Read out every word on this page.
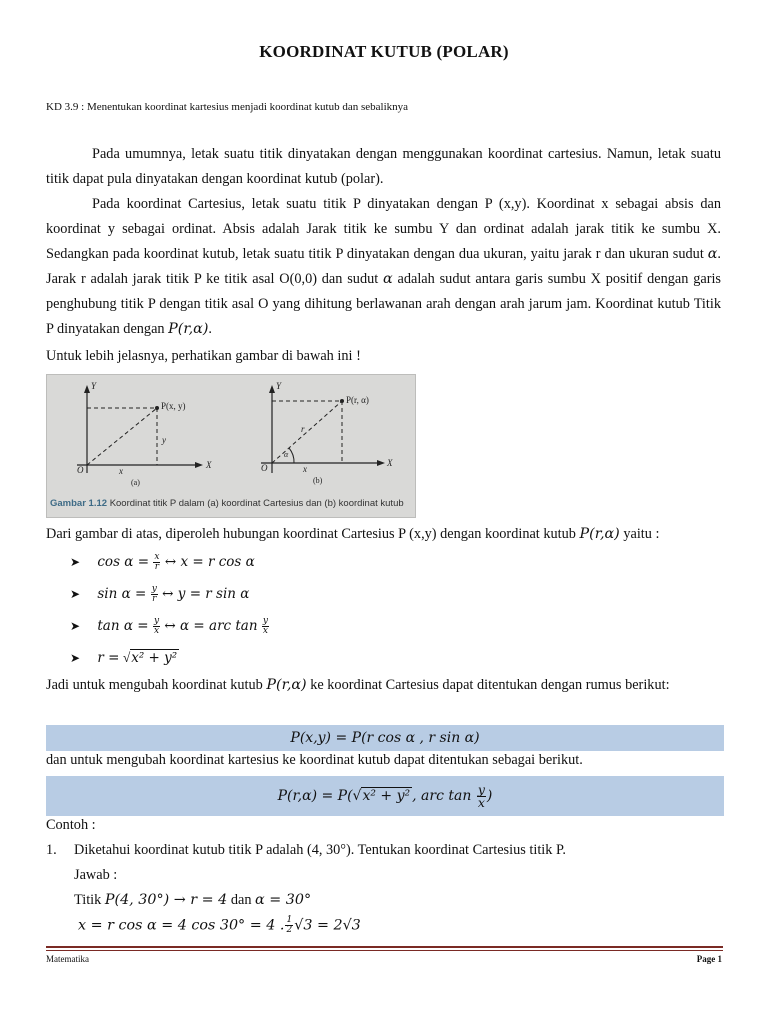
KOORDINAT KUTUB (POLAR)
KD 3.9 : Menentukan koordinat kartesius menjadi koordinat kutub dan sebaliknya
Pada umumnya, letak suatu titik dinyatakan dengan menggunakan koordinat cartesius. Namun, letak suatu titik dapat pula dinyatakan dengan koordinat kutub (polar).
Pada koordinat Cartesius, letak suatu titik P dinyatakan dengan P (x,y). Koordinat x sebagai absis dan koordinat y sebagai ordinat. Absis adalah Jarak titik ke sumbu Y dan ordinat adalah jarak titik ke sumbu X. Sedangkan pada koordinat kutub, letak suatu titik P dinyatakan dengan dua ukuran, yaitu jarak r dan ukuran sudut α. Jarak r adalah jarak titik P ke titik asal O(0,0) dan sudut α adalah sudut antara garis sumbu X positif dengan garis penghubung titik P dengan titik asal O yang dihitung berlawanan arah dengan arah jarum jam. Koordinat kutub Titik P dinyatakan dengan P(r,α).
Untuk lebih jelasnya, perhatikan gambar di bawah ini !
Y
X
O	x
y
P(x, y)
(a)
Y
X
O	x
r
α
P(r, α)
(b)
Gambar 1.12 Koordinat titik P dalam (a) koordinat Cartesius dan (b) koordinat kutub
Dari gambar di atas, diperoleh hubungan koordinat Cartesius P (x,y) dengan koordinat kutub P(r,α) yaitu :
➤ $\cos \alpha = \frac{x}{r}$ ↔ x = r cos α
➤ $\sin \alpha = \frac{y}{r}$ ↔ y = r sin α
➤ $\tan \alpha = \frac{y}{x}$ ↔ α = arc $\tan \frac{y}{x}$
➤ r = √x² + y²
Jadi untuk mengubah koordinat kutub P(r,α) ke koordinat Cartesius dapat ditentukan dengan rumus berikut:
P(x,y) = P(r cos α , r sin α)
dan untuk mengubah koordinat kartesius ke koordinat kutub dapat ditentukan sebagai berikut.
P(r,α) = P(√x² + y² , arc $\tan \frac{y}{x}$ )
Contoh :
1. Diketahui koordinat kutub titik P adalah (4, 30°). Tentukan koordinat Cartesius titik P.
Jawab :
Titik P(4, 30°) → r = 4 dan α = 30°
x = r cos α = 4 cos 30° = 4 . $\frac{1}{2} √3 = 2√3$
Matematika	Page 1
